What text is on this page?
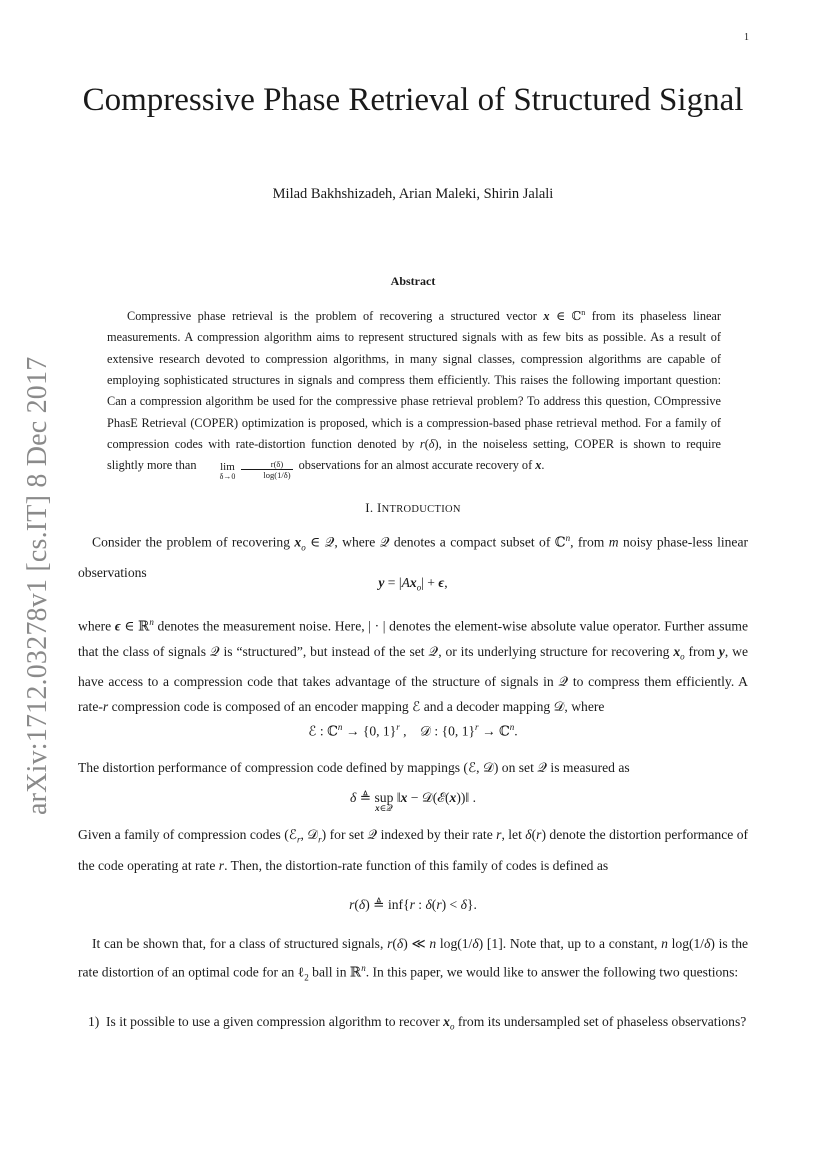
1
arXiv:1712.03278v1 [cs.IT] 8 Dec 2017
Compressive Phase Retrieval of Structured Signal
Milad Bakhshizadeh, Arian Maleki, Shirin Jalali
Abstract
Compressive phase retrieval is the problem of recovering a structured vector x ∈ ℂ$^n$ from its phaseless linear measurements. A compression algorithm aims to represent structured signals with as few bits as possible. As a result of extensive research devoted to compression algorithms, in many signal classes, compression algorithms are capable of employing sophisticated structures in signals and compress them efficiently. This raises the following important question: Can a compression algorithm be used for the compressive phase retrieval problem? To address this question, COmpressive PhasE Retrieval (COPER) optimization is proposed, which is a compression-based phase retrieval method. For a family of compression codes with rate-distortion function denoted by r(δ), in the noiseless setting, COPER is shown to require slightly more than lim
δ→0
$\frac{r(\delta)}{\log(1/\delta)}$ observations for an almost accurate recovery of x.
I. INTRODUCTION
Consider the problem of recovering $x_o$ ∈ 𝒬, where 𝒬 denotes a compact subset of ℂ$^n$, from m noisy phase-less linear observations
$y = |Ax_o| + \epsilon$,
where ϵ ∈ ℝ$^n$ denotes the measurement noise. Here, | · | denotes the element-wise absolute value operator. Further assume that the class of signals 𝒬 is “structured”, but instead of the set 𝒬, or its underlying structure for recovering $x_o$ from y, we have access to a compression code that takes advantage of the structure of signals in 𝒬 to compress them efficiently. A rate-r compression code is composed of an encoder mapping ℰ and a decoder mapping 𝒟, where
ℰ : ℂ$^n$ → {0, 1}$^r$ ,    𝒟 : {0, 1}$^r$ → ℂ$^n$.
The distortion performance of compression code defined by mappings (ℰ, 𝒟) on set 𝒬 is measured as
δ ≜ sup
x∈𝒬
‖x − 𝒟(ℰ(x))‖ .
Given a family of compression codes (ℰ$_r$, 𝒟$_r$) for set 𝒬 indexed by their rate r, let δ(r) denote the distortion performance of the code operating at rate r. Then, the distortion-rate function of this family of codes is defined as
r(δ) ≜ inf{r : δ(r) < δ}.
It can be shown that, for a class of structured signals, r(δ) ≪ n log(1/δ) [1]. Note that, up to a constant, n log(1/δ) is the rate distortion of an optimal code for an ℓ$_2$ ball in ℝ$^n$. In this paper, we would like to answer the following two questions:
1) Is it possible to use a given compression algorithm to recover $x_o$ from its undersampled set of phaseless observations?
